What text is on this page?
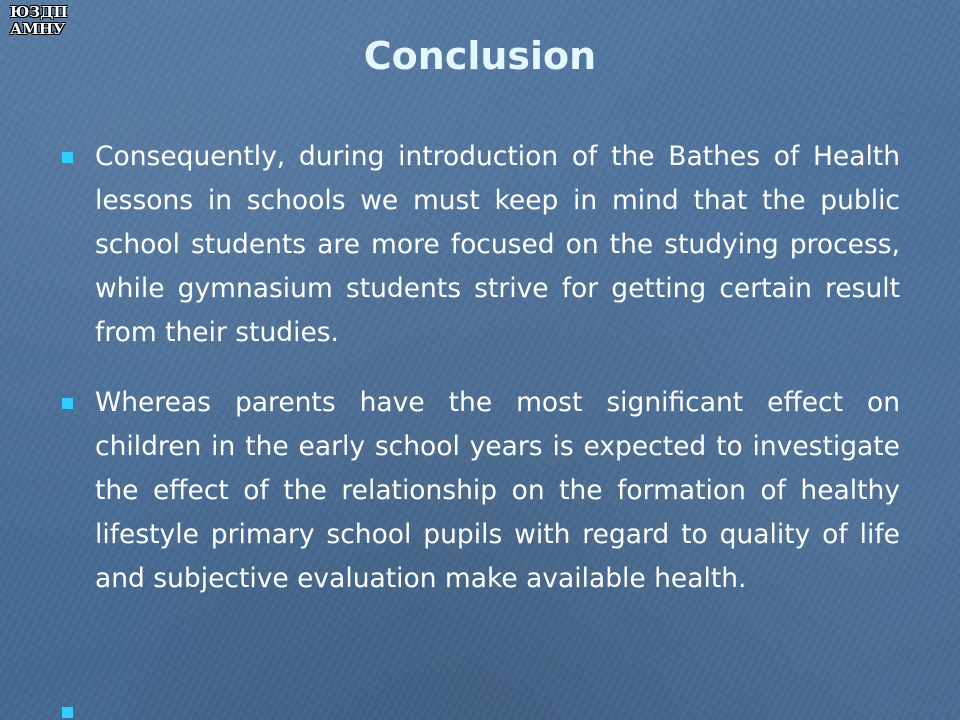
ЮЗДП
АМНУ
Conclusion
Consequently, during introduction of the Bathes of Health lessons in schools we must keep in mind that the public school students are more focused on the studying process, while gymnasium students strive for getting certain result from their studies.
Whereas parents have the most significant effect on children in the early school years is expected to investigate the effect of the relationship on the formation of healthy lifestyle primary school pupils with regard to quality of life and subjective evaluation make available health.
